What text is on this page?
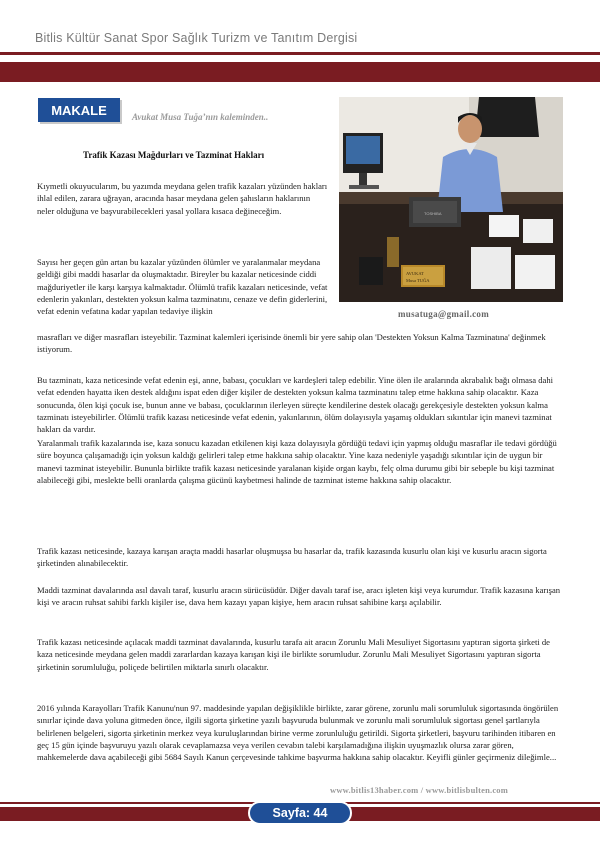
Bitlis Kültür Sanat Spor Sağlık Turizm ve Tanıtım Dergisi
MAKALE	Avukat Musa Tuğa’nın kaleminden..
Trafik Kazası Mağdurları ve Tazminat Hakları
TOSHIBA
AVUKAT
Musa TUĞA
musatuga@gmail.com

Kıymetli okuyucularım, bu yazımda meydana gelen trafik kazaları yüzünden hakları ihlal edilen, zarara uğrayan, aracında hasar meydana gelen şahısların haklarının neler olduğuna ve başvurabilecekleri yasal yollara kısaca değineceğim.

Sayısı her geçen gün artan bu kazalar yüzünden ölümler ve yaralanmalar meydana geldiği gibi maddi hasarlar da oluşmaktadır. Bireyler bu kazalar neticesinde ciddi mağduriyetler ile karşı karşıya kalmaktadır. Ölümlü trafik kazaları neticesinde, vefat edenlerin yakınları, destekten yoksun kalma tazminatını, cenaze ve defin giderlerini, vefat edenin vefatına kadar yapılan tedaviye ilişkin

masrafları ve diğer masrafları isteyebilir. Tazminat kalemleri içerisinde önemli bir yere sahip olan 'Destekten Yoksun Kalma Tazminatına' değinmek istiyorum.

Bu tazminatı, kaza neticesinde vefat edenin eşi, anne, babası, çocukları ve kardeşleri talep edebilir. Yine ölen ile aralarında akrabalık bağı olmasa dahi vefat edenden hayatta iken destek aldığını ispat eden diğer kişiler de destekten yoksun kalma tazminatını talep etme hakkına sahip olacaktır. Kaza sonucunda, ölen kişi çocuk ise, bunun anne ve babası, çocuklarının ilerleyen süreçte kendilerine destek olacağı gerekçesiyle destekten yoksun kalma tazminatı isteyebilirler. Ölümlü trafik kazası neticesinde vefat edenin, yakınlarının, ölüm dolayısıyla yaşamış oldukları sıkıntılar için manevi tazminat hakları da vardır.

Yaralanmalı trafik kazalarında ise, kaza sonucu kazadan etkilenen kişi kaza dolayısıyla gördüğü tedavi için yapmış olduğu masraflar ile tedavi gördüğü süre boyunca çalışamadığı için yoksun kaldığı gelirleri talep etme hakkına sahip olacaktır. Yine kaza nedeniyle yaşadığı sıkıntılar için de uygun bir manevi tazminat isteyebilir. Bununla birlikte trafik kazası neticesinde yaralanan kişide organ kaybı, felç olma durumu gibi bir sebeple bu kişi tazminat alabileceği gibi, meslekte belli oranlarda çalışma gücünü kaybetmesi halinde de tazminat isteme hakkına sahip olacaktır.

Trafik kazası neticesinde, kazaya karışan araçta maddi hasarlar oluşmuşsa bu hasarlar da, trafik kazasında kusurlu olan kişi ve kusurlu aracın sigorta şirketinden alınabilecektir.

Maddi tazminat davalarında asıl davalı taraf, kusurlu aracın sürücüsüdür. Diğer davalı taraf ise, aracı işleten kişi veya kurumdur. Trafik kazasına karışan kişi ve aracın ruhsat sahibi farklı kişiler ise, dava hem kazayı yapan kişiye, hem aracın ruhsat sahibine karşı açılabilir.

Trafik kazası neticesinde açılacak maddi tazminat davalarında, kusurlu tarafa ait aracın Zorunlu Mali Mesuliyet Sigortasını yaptıran sigorta şirketi de kaza neticesinde meydana gelen maddi zararlardan kazaya karışan kişi ile birlikte sorumludur. Zorunlu Mali Mesuliyet Sigortasını yaptıran sigorta şirketinin sorumluluğu, poliçede belirtilen miktarla sınırlı olacaktır.

2016 yılında Karayolları Trafik Kanunu'nun 97. maddesinde yapılan değişiklikle birlikte, zarar görene, zorunlu mali sorumluluk sigortasında öngörülen sınırlar içinde dava yoluna gitmeden önce, ilgili sigorta şirketine yazılı başvuruda bulunmak ve zorunlu mali sorumluluk sigortası genel şartlarıyla belirlenen belgeleri, sigorta şirketinin merkez veya kuruluşlarından birine verme zorunluluğu getirildi. Sigorta şirketleri, başvuru tarihinden itibaren en geç 15 gün içinde başvuruyu yazılı olarak cevaplamazsa veya verilen cevabın talebi karşılamadığına ilişkin uyuşmazlık olursa zarar gören, mahkemelerde dava açabileceği gibi 5684 Sayılı Kanun çerçevesinde tahkime başvurma hakkına sahip olacaktır. Keyifli günler geçirmeniz dileğimle...

www.bitlis13haber.com / www.bitlisbulten.com
Sayfa: 44
